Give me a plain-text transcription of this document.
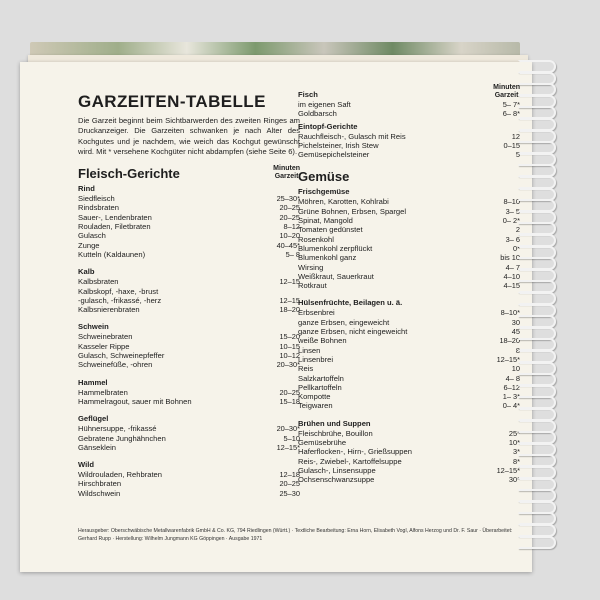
GARZEITEN-TABELLE

Die Garzeit beginnt beim Sichtbarwerden des zweiten Ringes am Druckanzeiger. Die Garzeiten schwanken je nach Alter des Kochgutes und je nachdem, wie weich das Kochgut gewünscht wird. Mit * versehene Kochgüter nicht abdampfen (siehe Seite 6).

Fleisch-Gerichte	Minuten
Garzeit
Rind
Siedfleisch	25–30*
Rindsbraten	20–25
Sauer-, Lendenbraten	20–25
Rouladen, Filetbraten	8–12
Gulasch	10–20
Zunge	40–45*
Kutteln (Kaldaunen)	5– 8
Kalb
Kalbsbraten	12–15
Kalbskopf, -haxe, -brust
-gulasch, -frikassé, -herz	12–15
Kalbsnierenbraten	18–20
Schwein
Schweinebraten	15–20
Kasseler Rippe	10–15
Gulasch, Schweinepfeffer	10–12
Schweinefüße, -ohren	20–30*
Hammel
Hammelbraten	20–25
Hammelragout, sauer mit Bohnen	15–18
Geflügel
Hühnersuppe, -frikassé	20–30*
Gebratene Junghähnchen	5–10
Gänseklein	12–15*
Wild
Wildrouladen, Rehbraten	12–18
Hirschbraten	20–25
Wildschwein	25–30
Fisch
Minuten
Garzeit
im eigenen Saft	5– 7*
Goldbarsch	6– 8*
Eintopf-Gerichte
Rauchfleisch-, Gulasch mit Reis	12
Pichelsteiner, Irish Stew	0–15
Gemüsepichelsteiner	5
Gemüse
Frischgemüse
Möhren, Karotten, Kohlrabi	8–10
Grüne Bohnen, Erbsen, Spargel	3– 5
Spinat, Mangold	0– 2*
Tomaten gedünstet	2
Rosenkohl	3– 6
Blumenkohl zerpflückt	0*
Blumenkohl ganz	bis 10
Wirsing	4– 7
Weißkraut, Sauerkraut	4–10
Rotkraut	4–15
Hülsenfrüchte, Beilagen u. ä.
Erbsenbrei	8–10*
ganze Erbsen, eingeweicht	30
ganze Erbsen, nicht eingeweicht	45
weiße Bohnen	18–20
Linsen	8
Linsenbrei	12–15*
Reis	10
Salzkartoffeln	4– 8
Pellkartoffeln	6–12
Kompotte	1– 3*
Teigwaren	0– 4*
Brühen und Suppen
Fleischbrühe, Bouillon	25*
Gemüsebrühe	10*
Haferflocken-, Hirn-, Grießsuppen	3*
Reis-, Zwiebel-, Kartoffelsuppe	8*
Gulasch-, Linsensuppe	12–15*
Ochsenschwanzsuppe	30*
Herausgeber: Oberschwäbische Metallwarenfabrik GmbH & Co. KG, 794 Riedlingen (Württ.) · Textliche Bearbeitung: Erna Horn, Elisabeth Vogl, Alfons Herzog und Dr. F. Saur · Überarbeitet: Gerhard Rupp · Herstellung: Wilhelm Jungmann KG Göppingen · Ausgabe 1971
